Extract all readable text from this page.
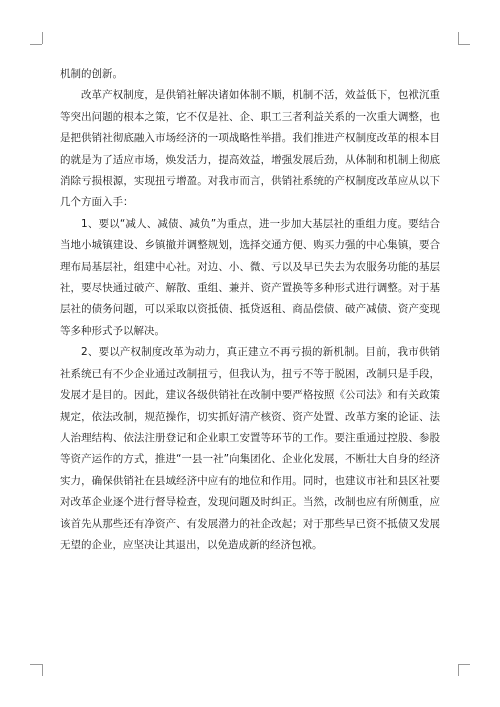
机制的创新。

改革产权制度，是供销社解决诸如体制不顺，机制不活，效益低下，包袱沉重等突出问题的根本之策，它不仅是社、企、职工三者利益关系的一次重大调整，也是把供销社彻底融入市场经济的一项战略性举措。我们推进产权制度改革的根本目的就是为了适应市场，焕发活力，提高效益，增强发展后劲，从体制和机制上彻底消除亏损根源，实现扭亏增盈。对我市而言，供销社系统的产权制度改革应从以下几个方面入手：

1、要以“减人、减债、减负”为重点，进一步加大基层社的重组力度。要结合当地小城镇建设、乡镇撤并调整规划，选择交通方便、购买力强的中心集镇，要合理布局基层社，组建中心社。对边、小、微、亏以及早已失去为农服务功能的基层社，要尽快通过破产、解散、重组、兼并、资产置换等多种形式进行调整。对于基层社的债务问题，可以采取以资抵债、抵贷返租、商品偿债、破产减债、资产变现等多种形式予以解决。

2、要以产权制度改革为动力，真正建立不再亏损的新机制。目前，我市供销社系统已有不少企业通过改制扭亏，但我认为，扭亏不等于脱困，改制只是手段，发展才是目的。因此，建议各级供销社在改制中要严格按照《公司法》和有关政策规定，依法改制，规范操作，切实抓好清产核资、资产处置、改革方案的论证、法人治理结构、依法注册登记和企业职工安置等环节的工作。要注重通过控股、参股等资产运作的方式，推进“一县一社”向集团化、企业化发展，不断壮大自身的经济实力，确保供销社在县域经济中应有的地位和作用。同时，也建议市社和县区社要对改革企业逐个进行督导检查，发现问题及时纠正。当然，改制也应有所侧重，应该首先从那些还有净资产、有发展潜力的社企改起；对于那些早已资不抵债又发展无望的企业，应坚决让其退出，以免造成新的经济包袱。
